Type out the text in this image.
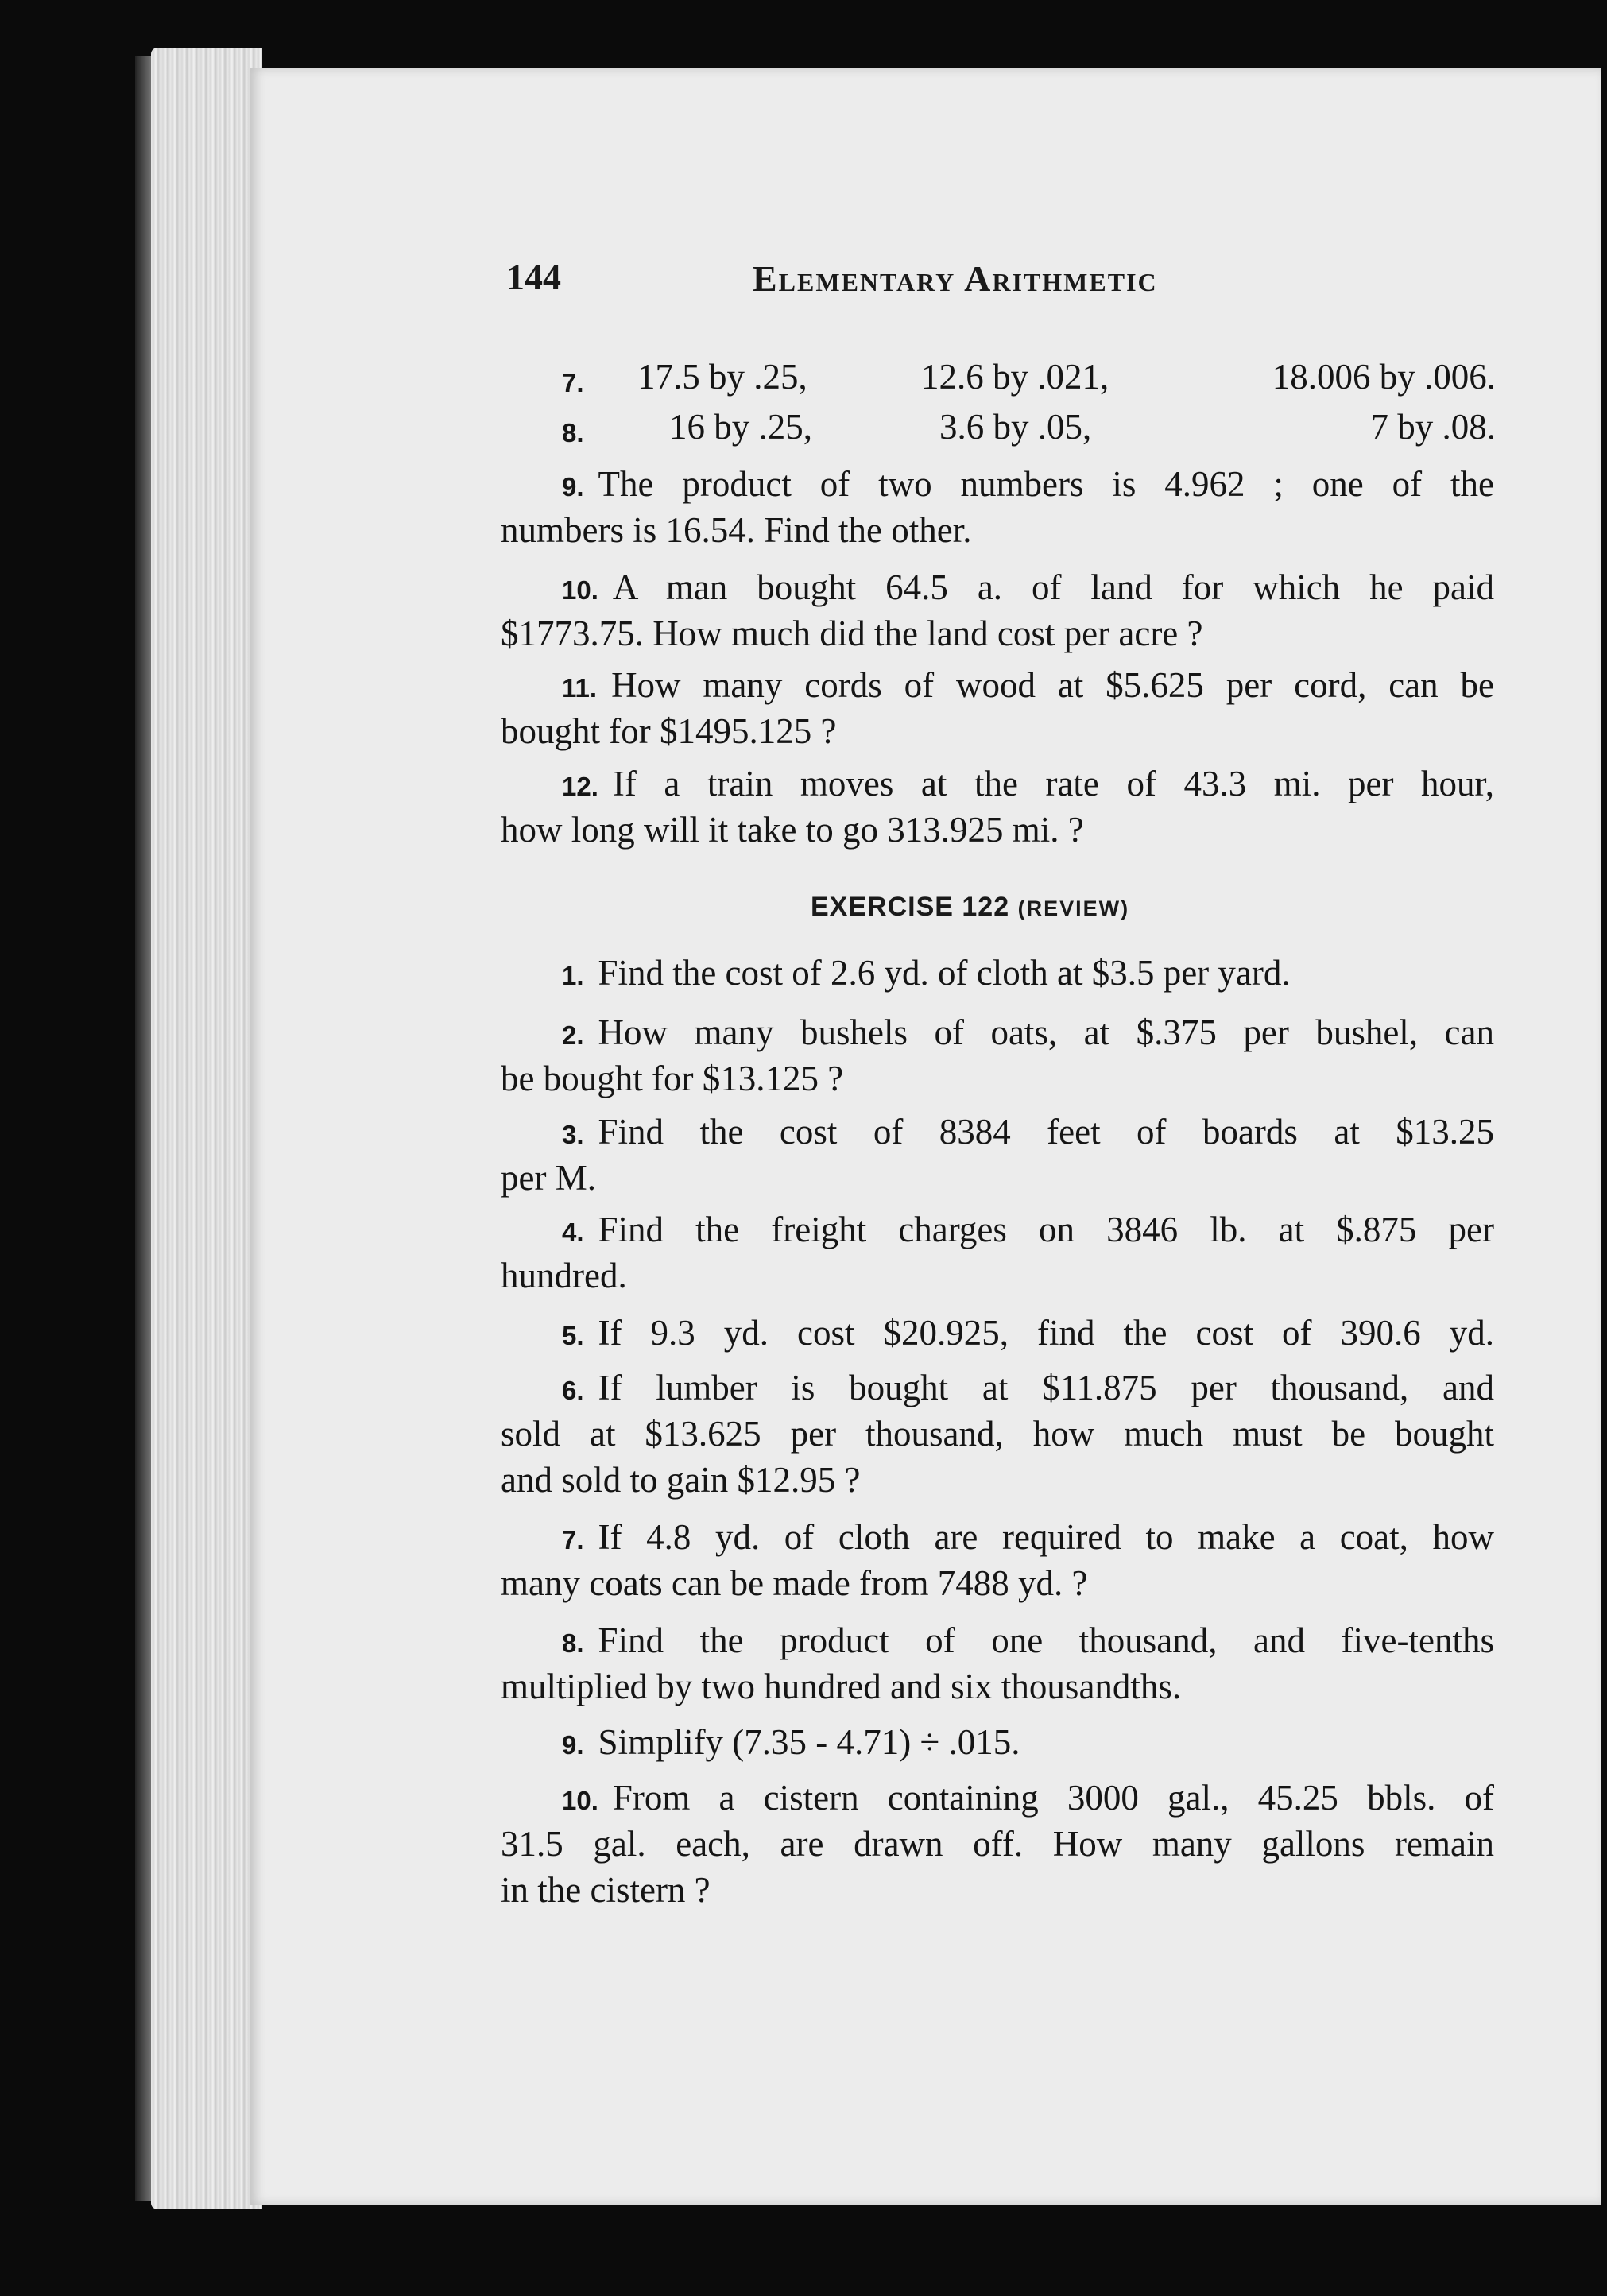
144	Elementary Arithmetic
7. 17.5 by .25,	12.6 by .021,	18.006 by .006.
8. 16 by .25,	3.6 by .05,	7 by .08.
9. The product of two numbers is 4.962 ; one of the
numbers is 16.54. Find the other.
10. A man bought 64.5 a. of land for which he paid
$1773.75. How much did the land cost per acre ?
11. How many cords of wood at $5.625 per cord, can be
bought for $1495.125 ?
12. If a train moves at the rate of 43.3 mi. per hour,
how long will it take to go 313.925 mi. ?
EXERCISE 122 (REVIEW)
1. Find the cost of 2.6 yd. of cloth at $3.5 per yard.
2. How many bushels of oats, at $.375 per bushel, can
be bought for $13.125 ?
3. Find the cost of 8384 feet of boards at $13.25
per M.
4. Find the freight charges on 3846 lb. at $.875 per
hundred.
5. If 9.3 yd. cost $20.925, find the cost of 390.6 yd.
6. If lumber is bought at $11.875 per thousand, and
sold at $13.625 per thousand, how much must be bought
and sold to gain $12.95 ?
7. If 4.8 yd. of cloth are required to make a coat, how
many coats can be made from 7488 yd. ?
8. Find the product of one thousand, and five-tenths
multiplied by two hundred and six thousandths.
9. Simplify (7.35 - 4.71) ÷ .015.
10. From a cistern containing 3000 gal., 45.25 bbls. of
31.5 gal. each, are drawn off. How many gallons remain
in the cistern ?
